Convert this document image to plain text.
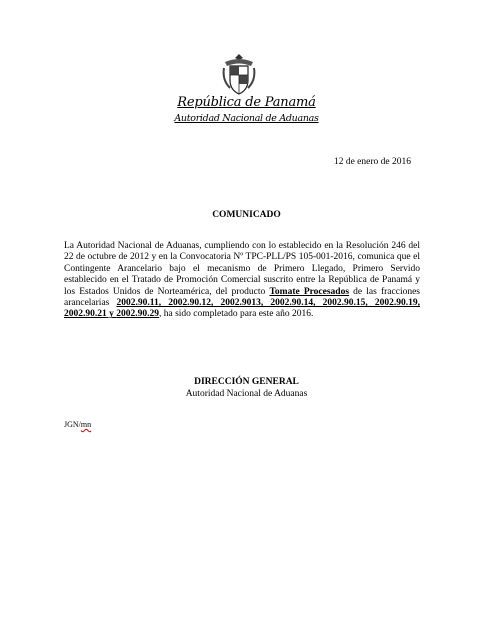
República de Panamá
Autoridad Nacional de Aduanas
12 de enero de 2016
COMUNICADO
La Autoridad Nacional de Aduanas, cumpliendo con lo establecido en la Resolución 246 del 22 de octubre de 2012 y en la Convocatoria Nº TPC-PLL/PS 105-001-2016, comunica que el Contingente Arancelario bajo el mecanismo de Primero Llegado, Primero Servido establecido en el Tratado de Promoción Comercial suscrito entre la República de Panamá y los Estados Unidos de Norteamérica, del producto Tomate Procesados de las fracciones arancelarias 2002.90.11, 2002.90.12, 2002.9013, 2002.90.14, 2002.90.15, 2002.90.19, 2002.90.21 y 2002.90.29, ha sido completado para este año 2016.
DIRECCIÓN GENERAL
Autoridad Nacional de Aduanas
JGN/mn
